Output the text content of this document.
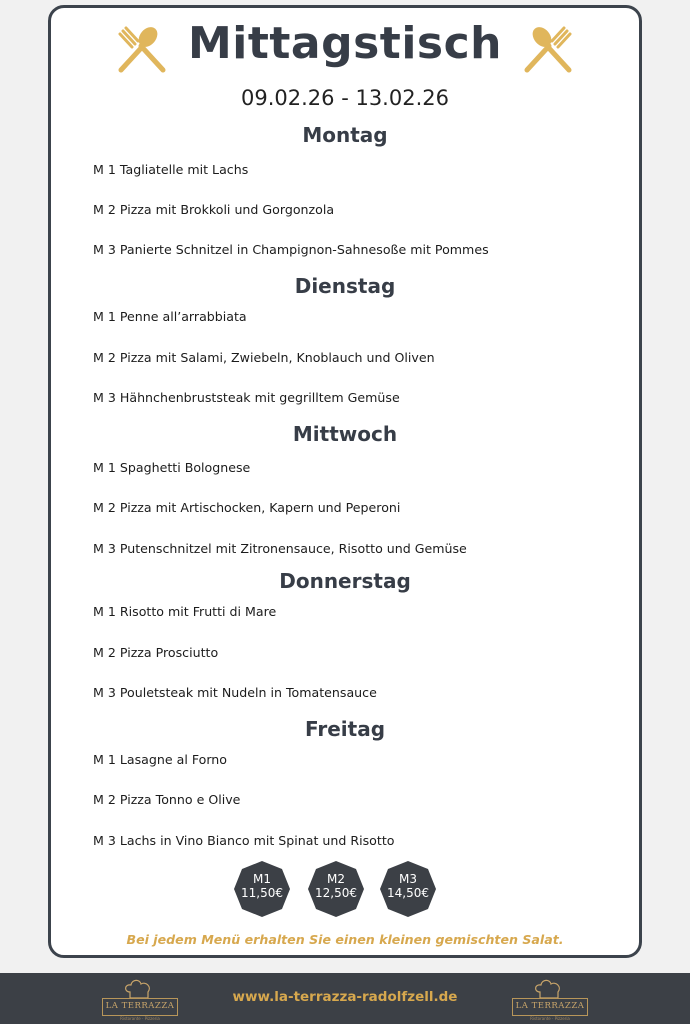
Mittagstisch
09.02.26 - 13.02.26
Montag
M 1 Tagliatelle mit Lachs
M 2 Pizza mit Brokkoli und Gorgonzola
M 3 Panierte Schnitzel in Champignon-Sahnesoße mit Pommes
Dienstag
M 1 Penne all’arrabbiata
M 2 Pizza mit Salami, Zwiebeln, Knoblauch und Oliven
M 3 Hähnchenbruststeak mit gegrilltem Gemüse
Mittwoch
M 1 Spaghetti Bolognese
M 2 Pizza mit Artischocken, Kapern und Peperoni
M 3 Putenschnitzel mit Zitronensauce, Risotto und Gemüse
Donnerstag
M 1 Risotto mit Frutti di Mare
M 2 Pizza Prosciutto
M 3 Pouletsteak mit Nudeln in Tomatensauce
Freitag
M 1 Lasagne al Forno
M 2 Pizza Tonno e Olive
M 3 Lachs in Vino Bianco mit Spinat und Risotto
M1
11,50€
M2
12,50€
M3
14,50€
Bei jedem Menü erhalten Sie einen kleinen gemischten Salat.
LA TERRAZZA
Ristorante · Pizzeria
www.la-terrazza-radolfzell.de
LA TERRAZZA
Ristorante · Pizzeria
